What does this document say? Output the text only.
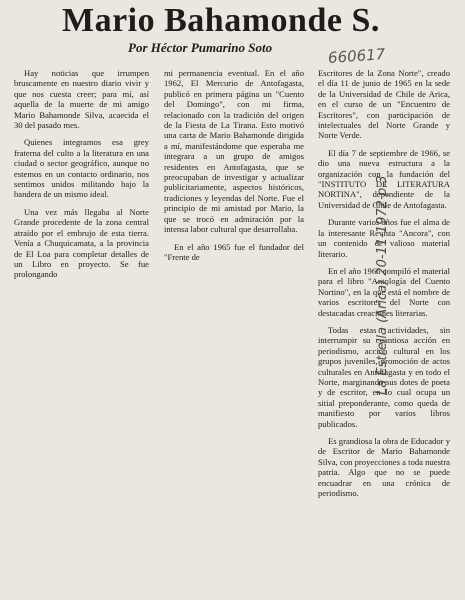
Mario Bahamonde S.
Por Héctor Pumarino Soto	660617

Hay noticias que irrumpen bruscamente en nuestro diario vivir y que nos cuesta creer; para mí, así aquella de la muerte de mi amigo Mario Bahamonde Silva, acaecida el 30 del pasado mes.

Quienes integramos esa grey fraterna del culto a la literatura en una ciudad o sector geográfico, aunque no estemos en un contacto ordinario, nos sentimos unidos militando bajo la bandera de un mismo ideal.

Una vez más llegaba al Norte Grande procedente de la zona central atraído por el embrujo de esta tierra. Venía a Chuquicamata, a la provincia de El Loa para completar detalles de un Libro en proyecto. Se fue prolongando

mi permanencia eventual. En el año 1962, El Mercurio de Antofagasta, publicó en primera página un "Cuento del Domingo", con mi firma, relacionado con la tradición del origen de la Fiesta de La Tirana. Esto motivó una carta de Mario Bahamonde dirigida a mí, manifestándome que esperaba me integrara a un grupo de amigos residentes en Antofagasta, que se preocupaban de investigar y actualizar publicitariamente, aspectos históricos, tradiciones y leyendas del Norte. Fue el principio de mi amistad por Mario, la que se trocó en admiración por la intensa labor cultural que desarrollaba.

En el año 1965 fue el fundador del "Frente de

Escritores de la Zona Norte", creado el día 11 de junio de 1965 en la sede de la Universidad de Chile de Arica, en el curso de un "Encuentro de Escritores", con participación de intelectuales del Norte Grande y Norte Verde.

El día 7 de septiembre de 1966, se dio una nueva estructura a la organización con la fundación del "INSTITUTO DE LITERATURA NORTINA", dependiente de la Universidad de Chile de Antofagasta.

Durante varios años fue el alma de la interesante Revista "Ancora", con un contenido de valioso material literario.

En el año 1966 compiló el material para el libro "Antología del Cuento Nortino", en la que está el nombre de varios escritores del Norte con destacadas creaciones literarias.

Todas estas actividades, sin interrumpir su cuantiosa acción en periodismo, acción cultural en los grupos juveniles, promoción de actos culturales en Antofagasta y en todo el Norte, marginando sus dotes de poeta y de escritor, en lo cual ocupa un sitial preponderante, como queda de manifiesto por varios libros publicados.

Es grandiosa la obra de Educador y de Escritor de Mario Bahamonde Silva, con proyecciones a toda nuestra patria. Algo que no se puede encuadrar en una crónica de periodismo.

La Estrella (Arica) 20-11-1972 p.3
